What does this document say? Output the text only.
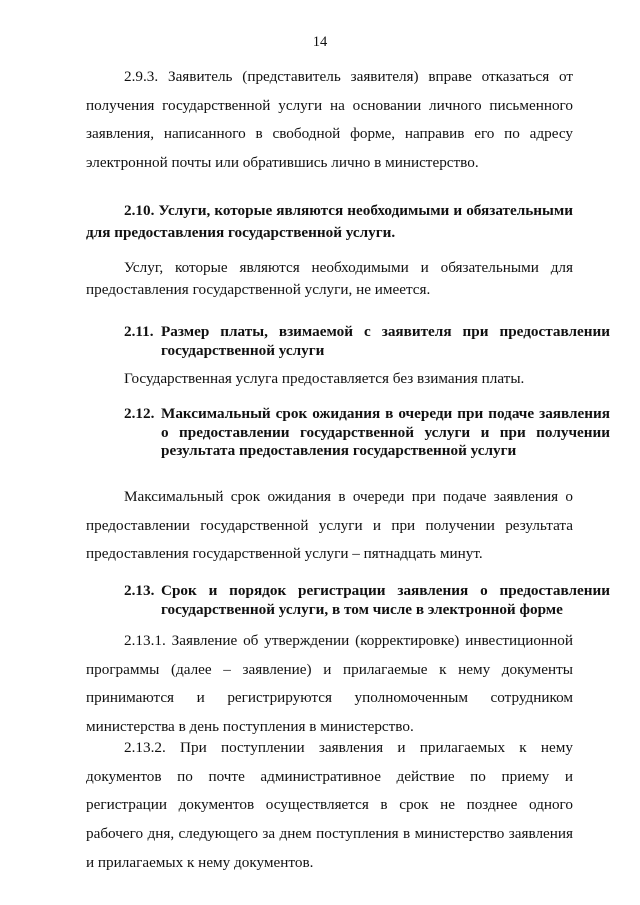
14

2.9.3. Заявитель (представитель заявителя) вправе отказаться от получения государственной услуги на основании личного письменного заявления, написанного в свободной форме, направив его по адресу электронной почты или обратившись лично в министерство.

2.10. Услуги, которые являются необходимыми и обязательными для предоставления государственной услуги.

Услуг, которые являются необходимыми и обязательными для предоставления государственной услуги, не имеется.

2.11. Размер платы, взимаемой с заявителя при предоставлении государственной услуги

Государственная услуга предоставляется без взимания платы.

2.12. Максимальный срок ожидания в очереди при подаче заявления о предоставлении государственной услуги и при получении результата предоставления государственной услуги

Максимальный срок ожидания в очереди при подаче заявления о предоставлении государственной услуги и при получении результата предоставления государственной услуги – пятнадцать минут.

2.13. Срок и порядок регистрации заявления о предоставлении государственной услуги, в том числе в электронной форме

2.13.1. Заявление об утверждении (корректировке) инвестиционной программы (далее – заявление) и прилагаемые к нему документы принимаются и регистрируются уполномоченным сотрудником министерства в день поступления в министерство.

2.13.2. При поступлении заявления и прилагаемых к нему документов по почте административное действие по приему и регистрации документов осуществляется в срок не позднее одного рабочего дня, следующего за днем поступления в министерство заявления и прилагаемых к нему документов.
